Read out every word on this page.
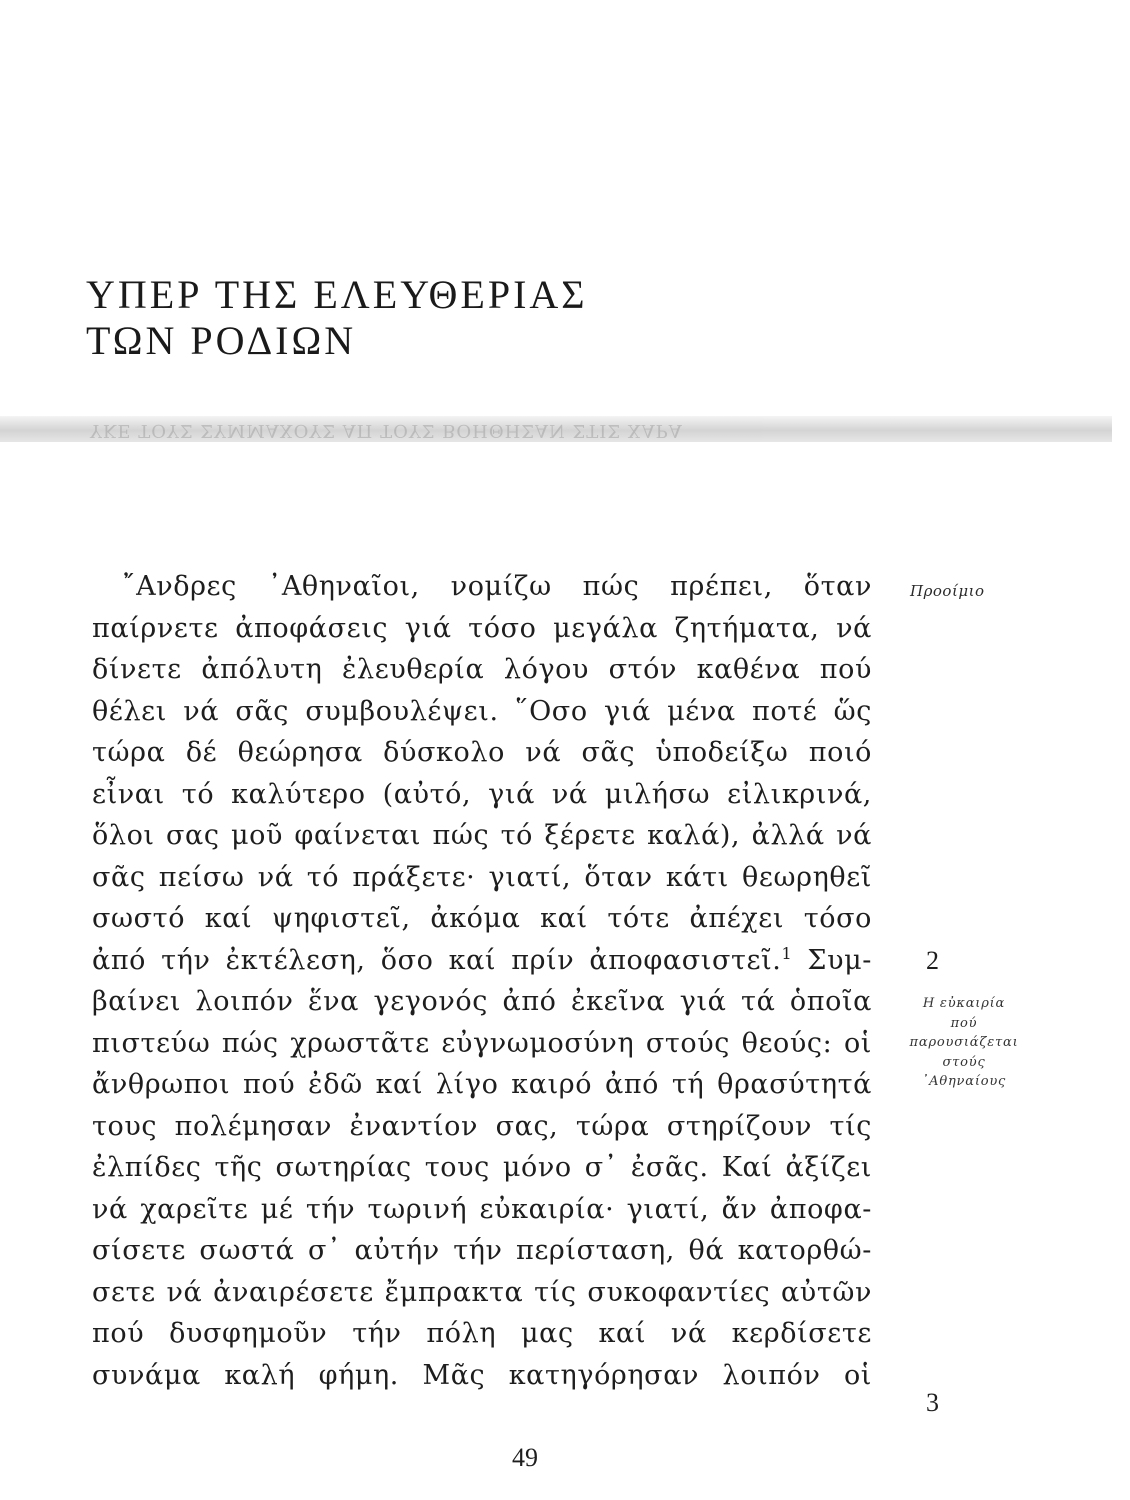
ΥΠΕΡ ΤΗΣ ΕΛΕΥΘΕΡΙΑΣ
ΤΩΝ ΡΟΔΙΩΝ
ΥΚΕ ΤΟΥΣ ΣΥΜΜΑΧΟΥΣ ΑΠ ΤΟΥΣ ΒΟΗΘΗΣΑΝ ΣΤΙΣ ΧΑΡΑ
῎Ανδρες ᾿Αθηναῖοι, νομίζω πώς πρέπει, ὅταν
παίρνετε ἀποφάσεις γιά τόσο μεγάλα ζητήματα, νά
δίνετε ἀπόλυτη ἐλευθερία λόγου στόν καθένα πού
θέλει νά σᾶς συμβουλέψει. ῞Οσο γιά μένα ποτέ ὥς
τώρα δέ θεώρησα δύσκολο νά σᾶς ὑποδείξω ποιό
εἶναι τό καλύτερο (αὐτό, γιά νά μιλήσω εἰλικρινά,
ὅλοι σας μοῦ φαίνεται πώς τό ξέρετε καλά), ἀλλά νά
σᾶς πείσω νά τό πράξετε· γιατί, ὅταν κάτι θεωρηθεῖ
σωστό καί ψηφιστεῖ, ἀκόμα καί τότε ἀπέχει τόσο
ἀπό τήν ἐκτέλεση, ὅσο καί πρίν ἀποφασιστεῖ.$^1$ Συμ-
βαίνει λοιπόν ἕνα γεγονός ἀπό ἐκεῖνα γιά τά ὁποῖα
πιστεύω πώς χρωστᾶτε εὐγνωμοσύνη στούς θεούς: οἱ
ἄνθρωποι πού ἐδῶ καί λίγο καιρό ἀπό τή θρασύτητά
τους πολέμησαν ἐναντίον σας, τώρα στηρίζουν τίς
ἐλπίδες τῆς σωτηρίας τους μόνο σ᾿ ἐσᾶς. Καί ἀξίζει
νά χαρεῖτε μέ τήν τωρινή εὐκαιρία· γιατί, ἄν ἀποφα-
σίσετε σωστά σ᾿ αὐτήν τήν περίσταση, θά κατορθώ-
σετε νά ἀναιρέσετε ἔμπρακτα τίς συκοφαντίες αὐτῶν
πού δυσφημοῦν τήν πόλη μας καί νά κερδίσετε
συνάμα καλή φήμη. Μᾶς κατηγόρησαν λοιπόν οἱ
Προοίμιο
2
Η εὐκαιρία
πού
παρουσιάζεται
στούς
᾿Αθηναίους
3
49
